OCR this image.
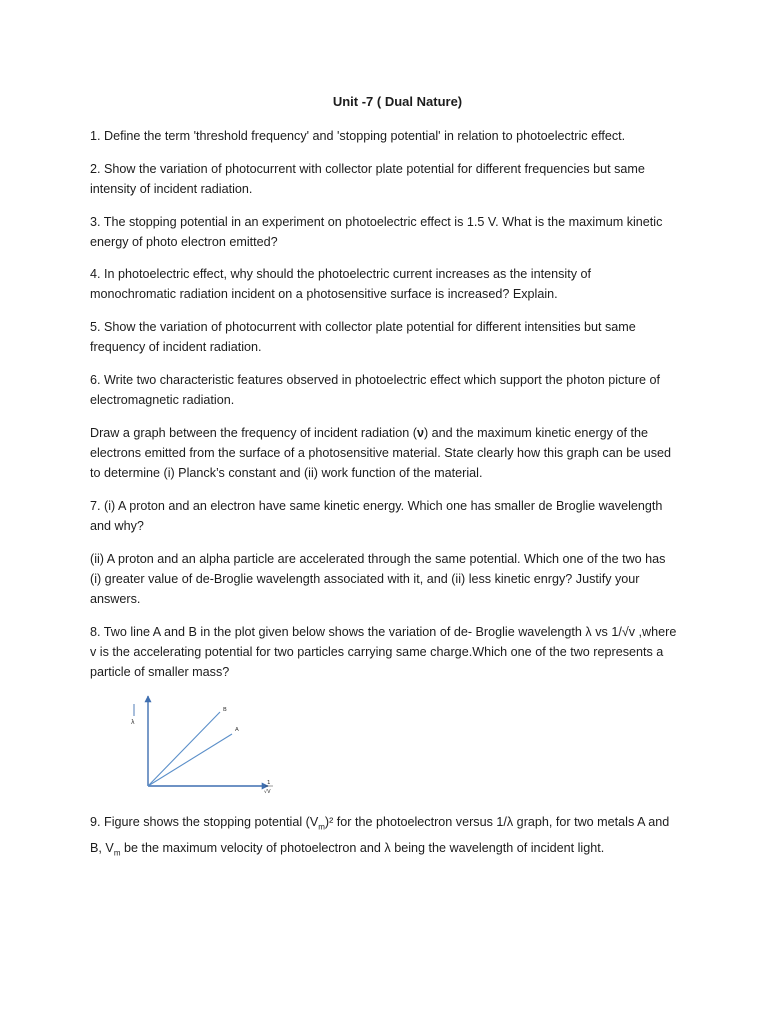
Unit -7 ( Dual Nature)

1. Define the term 'threshold frequency' and 'stopping potential' in relation to photoelectric effect.

2. Show the variation of photocurrent with collector plate potential for different frequencies but same intensity of incident radiation.

3. The stopping potential in an experiment on photoelectric effect is 1.5 V. What is the maximum kinetic energy of photo electron emitted?

4. In photoelectric effect, why should the photoelectric current increases as the intensity of monochromatic radiation incident on a photosensitive surface is increased? Explain.

5. Show the variation of photocurrent with collector plate potential for different intensities but same frequency of incident radiation.

6. Write two characteristic features observed in photoelectric effect which support the photon picture of electromagnetic radiation.

Draw a graph between the frequency of incident radiation (ν) and the maximum kinetic energy of the electrons emitted from the surface of a photosensitive material. State clearly how this graph can be used to determine (i) Planck’s constant and (ii) work function of the material.

7. (i) A proton and an electron have same kinetic energy. Which one has smaller de Broglie wavelength and why?

(ii) A proton and an alpha particle are accelerated through the same potential. Which one of the two has (i) greater value of de-Broglie wavelength associated with it, and (ii) less kinetic enrgy? Justify your answers.

8. Two line A and B in the plot given below shows the variation of de- Broglie wavelength λ vs 1/√v ,where v is the accelerating potential for two particles carrying same charge.Which one of the two represents a particle of smaller mass?

λ
B
A
1
√V

9. Figure shows the stopping potential $(V_m)^2$ for the photoelectron versus 1/λ graph, for two metals A and B, $V_m$ be the maximum velocity of photoelectron and λ being the wavelength of incident light.
